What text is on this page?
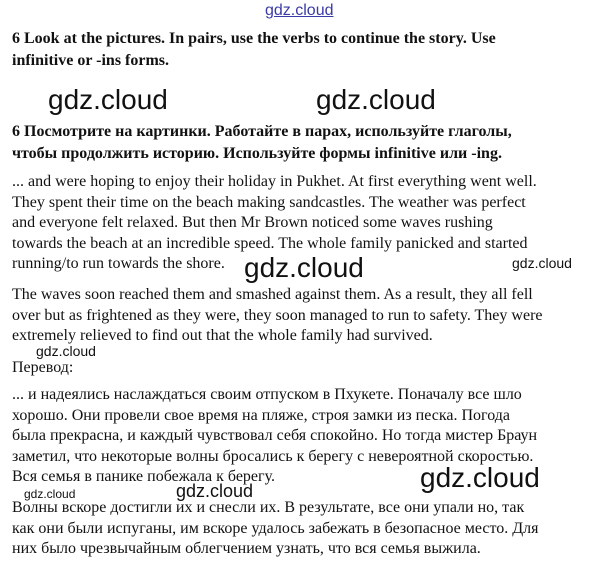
gdz.cloud
6 Look at the pictures. In pairs, use the verbs to continue the story. Use
infinitive or -ins forms.
gdz.cloud	gdz.cloud
6 Посмотрите на картинки. Работайте в парах, используйте глаголы,
чтобы продолжить историю. Используйте формы infinitive или -ing.
... and were hoping to enjoy their holiday in Pukhet. At first everything went well.
They spent their time on the beach making sandcastles. The weather was perfect
and everyone felt relaxed. But then Mr Brown noticed some waves rushing
towards the beach at an incredible speed. The whole family panicked and started
running/to run towards the shore. gdz.cloud	gdz.cloud
The waves soon reached them and smashed against them. As a result, they all fell
over but as frightened as they were, they soon managed to run to safety. They were
extremely relieved to find out that the whole family had survived.
gdz.cloud
Перевод:
... и надеялись наслаждаться своим отпуском в Пхукете. Поначалу все шло
хорошо. Они провели свое время на пляже, строя замки из песка. Погода
была прекрасна, и каждый чувствовал себя спокойно. Но тогда мистер Браун
заметил, что некоторые волны бросались к берегу с невероятной скоростью.
Вся семья в панике побежала к берегу.	gdz.cloud
gdz.cloud
gdz.cloud
Волны вскоре достигли их и снесли их. В результате, все они упали но, так
как они были испуганы, им вскоре удалось забежать в безопасное место. Для
них было чрезвычайным облегчением узнать, что вся семья выжила.
